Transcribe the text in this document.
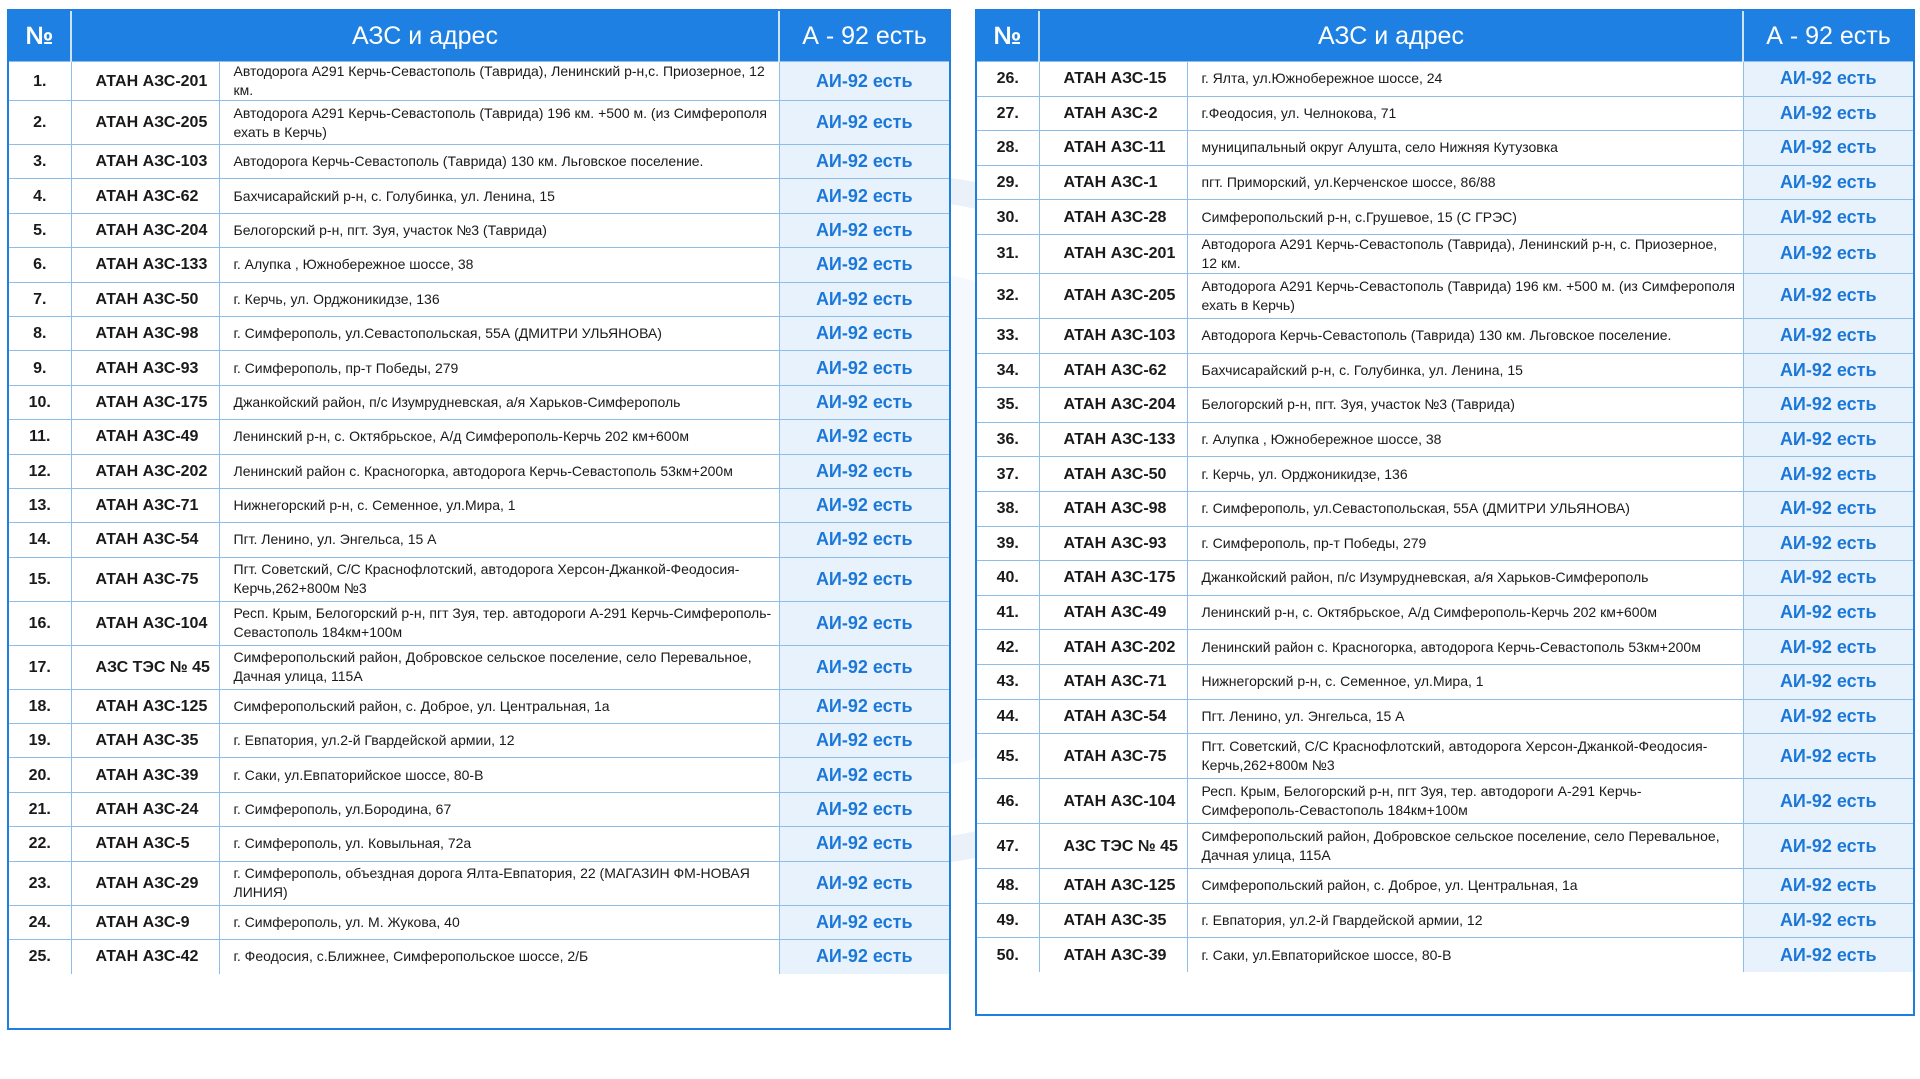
№	АЗС и адрес		А - 92 есть
1.	АТАН АЗС-201	Автодорога А291 Керчь-Севастополь (Таврида), Ленинский р-н,с. Приозерное, 12 км.	АИ-92 есть
2.	АТАН АЗС-205	Автодорога А291 Керчь-Севастополь (Таврида) 196 км. +500 м. (из Симферополя ехать в Керчь)	АИ-92 есть
3.	АТАН АЗС-103	Автодорога Керчь-Севастополь (Таврида) 130 км. Льговское поселение.	АИ-92 есть
4.	АТАН АЗС-62	Бахчисарайский р-н, с. Голубинка, ул. Ленина, 15	АИ-92 есть
5.	АТАН АЗС-204	Белогорский р-н, пгт. Зуя, участок №3 (Таврида)	АИ-92 есть
6.	АТАН АЗС-133	г. Алупка , Южнобережное шоссе, 38	АИ-92 есть
7.	АТАН АЗС-50	г. Керчь, ул. Орджоникидзе, 136	АИ-92 есть
8.	АТАН АЗС-98	г. Симферополь, ул.Севастопольская, 55А (ДМИТРИ УЛЬЯНОВА)	АИ-92 есть
9.	АТАН АЗС-93	г. Симферополь, пр-т Победы, 279	АИ-92 есть
10.	АТАН АЗС-175	Джанкойский район, п/с Изумрудневская, а/я Харьков-Симферополь	АИ-92 есть
11.	АТАН АЗС-49	Ленинский р-н, с. Октябрьское, А/д Симферополь-Керчь 202 км+600м	АИ-92 есть
12.	АТАН АЗС-202	Ленинский район с. Красногорка, автодорога Керчь-Севастополь 53км+200м	АИ-92 есть
13.	АТАН АЗС-71	Нижнегорский р-н, с. Семенное, ул.Мира, 1	АИ-92 есть
14.	АТАН АЗС-54	Пгт. Ленино, ул. Энгельса, 15 А	АИ-92 есть
15.	АТАН АЗС-75	Пгт. Советский, С/С Краснофлотский, автодорога Херсон-Джанкой-Феодосия-Керчь,262+800м №3	АИ-92 есть
16.	АТАН АЗС-104	Респ. Крым, Белогорский р-н, пгт Зуя, тер. автодороги А-291 Керчь-Симферополь-Севастополь 184км+100м	АИ-92 есть
17.	АЗС ТЭС № 45	Симферопольский район, Добровское сельское поселение, село Перевальное, Дачная улица, 115А	АИ-92 есть
18.	АТАН АЗС-125	Симферопольский район, с. Доброе, ул. Центральная, 1а	АИ-92 есть
19.	АТАН АЗС-35	г. Евпатория, ул.2-й Гвардейской армии, 12	АИ-92 есть
20.	АТАН АЗС-39	г. Саки, ул.Евпаторийское шоссе, 80-В	АИ-92 есть
21.	АТАН АЗС-24	г. Симферополь, ул.Бородина, 67	АИ-92 есть
22.	АТАН АЗС-5	г. Симферополь, ул. Ковыльная, 72а	АИ-92 есть
23.	АТАН АЗС-29	г. Симферополь, объездная дорога Ялта-Евпатория, 22 (МАГАЗИН ФМ-НОВАЯ ЛИНИЯ)	АИ-92 есть
24.	АТАН АЗС-9	г. Симферополь, ул. М. Жукова, 40	АИ-92 есть
25.	АТАН АЗС-42	г. Феодосия, с.Ближнее, Симферопольское шоссе, 2/Б	АИ-92 есть
№	АЗС и адрес		А - 92 есть
26.	АТАН АЗС-15	г. Ялта, ул.Южнобережное шоссе, 24	АИ-92 есть
27.	АТАН АЗС-2	г.Феодосия, ул. Челнокова, 71	АИ-92 есть
28.	АТАН АЗС-11	муниципальный округ Алушта, село Нижняя Кутузовка	АИ-92 есть
29.	АТАН АЗС-1	пгт. Приморский, ул.Керченское шоссе, 86/88	АИ-92 есть
30.	АТАН АЗС-28	Симферопольский р-н, с.Грушевое, 15 (С ГРЭС)	АИ-92 есть
31.	АТАН АЗС-201	Автодорога А291 Керчь-Севастополь (Таврида), Ленинский р-н, с. Приозерное, 12 км.	АИ-92 есть
32.	АТАН АЗС-205	Автодорога А291 Керчь-Севастополь (Таврида) 196 км. +500 м. (из Симферополя ехать в Керчь)	АИ-92 есть
33.	АТАН АЗС-103	Автодорога Керчь-Севастополь (Таврида) 130 км. Льговское поселение.	АИ-92 есть
34.	АТАН АЗС-62	Бахчисарайский р-н, с. Голубинка, ул. Ленина, 15	АИ-92 есть
35.	АТАН АЗС-204	Белогорский р-н, пгт. Зуя, участок №3 (Таврида)	АИ-92 есть
36.	АТАН АЗС-133	г. Алупка , Южнобережное шоссе, 38	АИ-92 есть
37.	АТАН АЗС-50	г. Керчь, ул. Орджоникидзе, 136	АИ-92 есть
38.	АТАН АЗС-98	г. Симферополь, ул.Севастопольская, 55А (ДМИТРИ УЛЬЯНОВА)	АИ-92 есть
39.	АТАН АЗС-93	г. Симферополь, пр-т Победы, 279	АИ-92 есть
40.	АТАН АЗС-175	Джанкойский район, п/с Изумрудневская, а/я Харьков-Симферополь	АИ-92 есть
41.	АТАН АЗС-49	Ленинский р-н, с. Октябрьское, А/д Симферополь-Керчь 202 км+600м	АИ-92 есть
42.	АТАН АЗС-202	Ленинский район с. Красногорка, автодорога Керчь-Севастополь 53км+200м	АИ-92 есть
43.	АТАН АЗС-71	Нижнегорский р-н, с. Семенное, ул.Мира, 1	АИ-92 есть
44.	АТАН АЗС-54	Пгт. Ленино, ул. Энгельса, 15 А	АИ-92 есть
45.	АТАН АЗС-75	Пгт. Советский, С/С Краснофлотский, автодорога Херсон-Джанкой-Феодосия-Керчь,262+800м №3	АИ-92 есть
46.	АТАН АЗС-104	Респ. Крым, Белогорский р-н, пгт Зуя, тер. автодороги А-291 Керчь-Симферополь-Севастополь 184км+100м	АИ-92 есть
47.	АЗС ТЭС № 45	Симферопольский район, Добровское сельское поселение, село Перевальное, Дачная улица, 115А	АИ-92 есть
48.	АТАН АЗС-125	Симферопольский район, с. Доброе, ул. Центральная, 1а	АИ-92 есть
49.	АТАН АЗС-35	г. Евпатория, ул.2-й Гвардейской армии, 12	АИ-92 есть
50.	АТАН АЗС-39	г. Саки, ул.Евпаторийское шоссе, 80-В	АИ-92 есть
